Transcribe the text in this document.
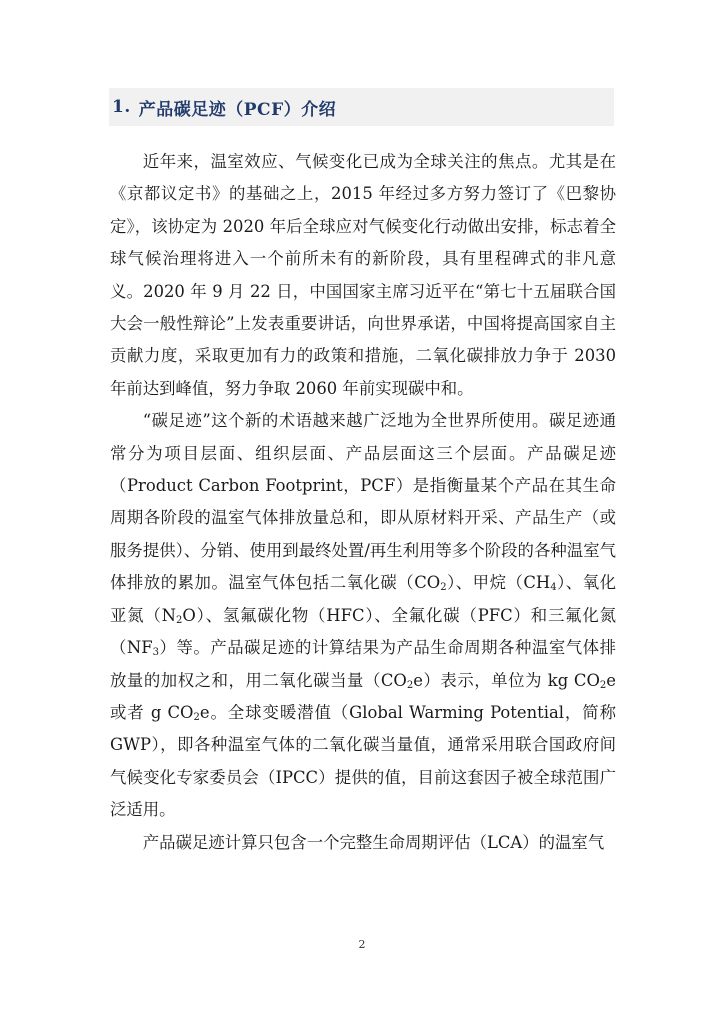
1. 产品碳足迹（PCF）介绍

近年来，温室效应、气候变化已成为全球关注的焦点。尤其是在《京都议定书》的基础之上，2015 年经过多方努力签订了《巴黎协定》，该协定为 2020 年后全球应对气候变化行动做出安排，标志着全球气候治理将进入一个前所未有的新阶段，具有里程碑式的非凡意义。2020 年 9 月 22 日，中国国家主席习近平在“第七十五届联合国大会一般性辩论”上发表重要讲话，向世界承诺，中国将提高国家自主贡献力度，采取更加有力的政策和措施，二氧化碳排放力争于 2030 年前达到峰值，努力争取 2060 年前实现碳中和。

“碳足迹”这个新的术语越来越广泛地为全世界所使用。碳足迹通常分为项目层面、组织层面、产品层面这三个层面。产品碳足迹（Product Carbon Footprint，PCF）是指衡量某个产品在其生命周期各阶段的温室气体排放量总和，即从原材料开采、产品生产（或服务提供）、分销、使用到最终处置/再生利用等多个阶段的各种温室气体排放的累加。温室气体包括二氧化碳$(CO_2)$、甲烷$(CH_4)$、氧化亚氮$(N_2O)$、氢氟碳化物（HFC）、全氟化碳（PFC）和三氟化氮$(NF_3)$等。产品碳足迹的计算结果为产品生命周期各种温室气体排放量的加权之和，用二氧化碳当量$(CO_2e)$表示，单位为 kg $CO_2e$ 或者 g $CO_2e$。全球变暖潜值（Global Warming Potential，简称 GWP），即各种温室气体的二氧化碳当量值，通常采用联合国政府间气候变化专家委员会（IPCC）提供的值，目前这套因子被全球范围广泛适用。

产品碳足迹计算只包含一个完整生命周期评估（LCA）的温室气

2
